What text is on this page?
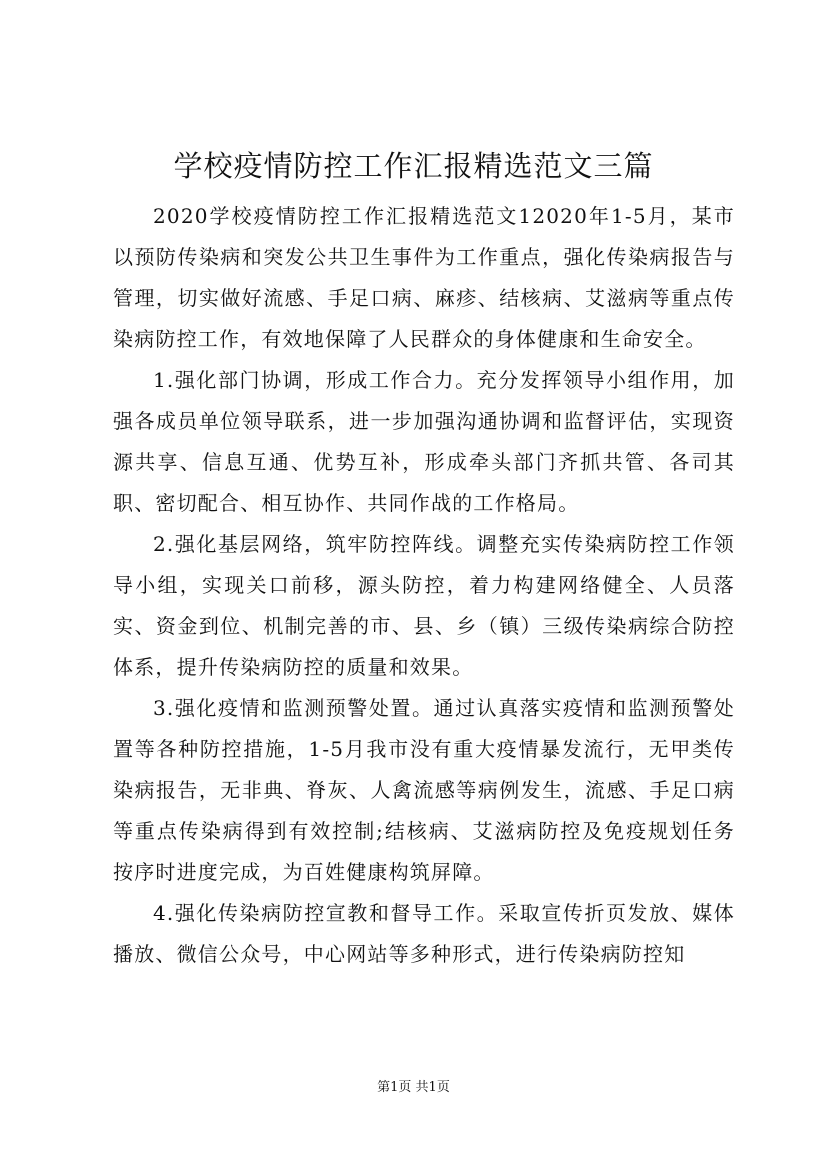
学校疫情防控工作汇报精选范文三篇

2020学校疫情防控工作汇报精选范文12020年1-5月，某市以预防传染病和突发公共卫生事件为工作重点，强化传染病报告与管理，切实做好流感、手足口病、麻疹、结核病、艾滋病等重点传染病防控工作，有效地保障了人民群众的身体健康和生命安全。

1.强化部门协调，形成工作合力。充分发挥领导小组作用，加强各成员单位领导联系，进一步加强沟通协调和监督评估，实现资源共享、信息互通、优势互补，形成牵头部门齐抓共管、各司其职、密切配合、相互协作、共同作战的工作格局。

2.强化基层网络，筑牢防控阵线。调整充实传染病防控工作领导小组，实现关口前移，源头防控，着力构建网络健全、人员落实、资金到位、机制完善的市、县、乡（镇）三级传染病综合防控体系，提升传染病防控的质量和效果。

3.强化疫情和监测预警处置。通过认真落实疫情和监测预警处置等各种防控措施，1-5月我市没有重大疫情暴发流行，无甲类传染病报告，无非典、脊灰、人禽流感等病例发生，流感、手足口病等重点传染病得到有效控制;结核病、艾滋病防控及免疫规划任务按序时进度完成，为百姓健康构筑屏障。

4.强化传染病防控宣教和督导工作。采取宣传折页发放、媒体播放、微信公众号，中心网站等多种形式，进行传染病防控知

第1页 共1页
